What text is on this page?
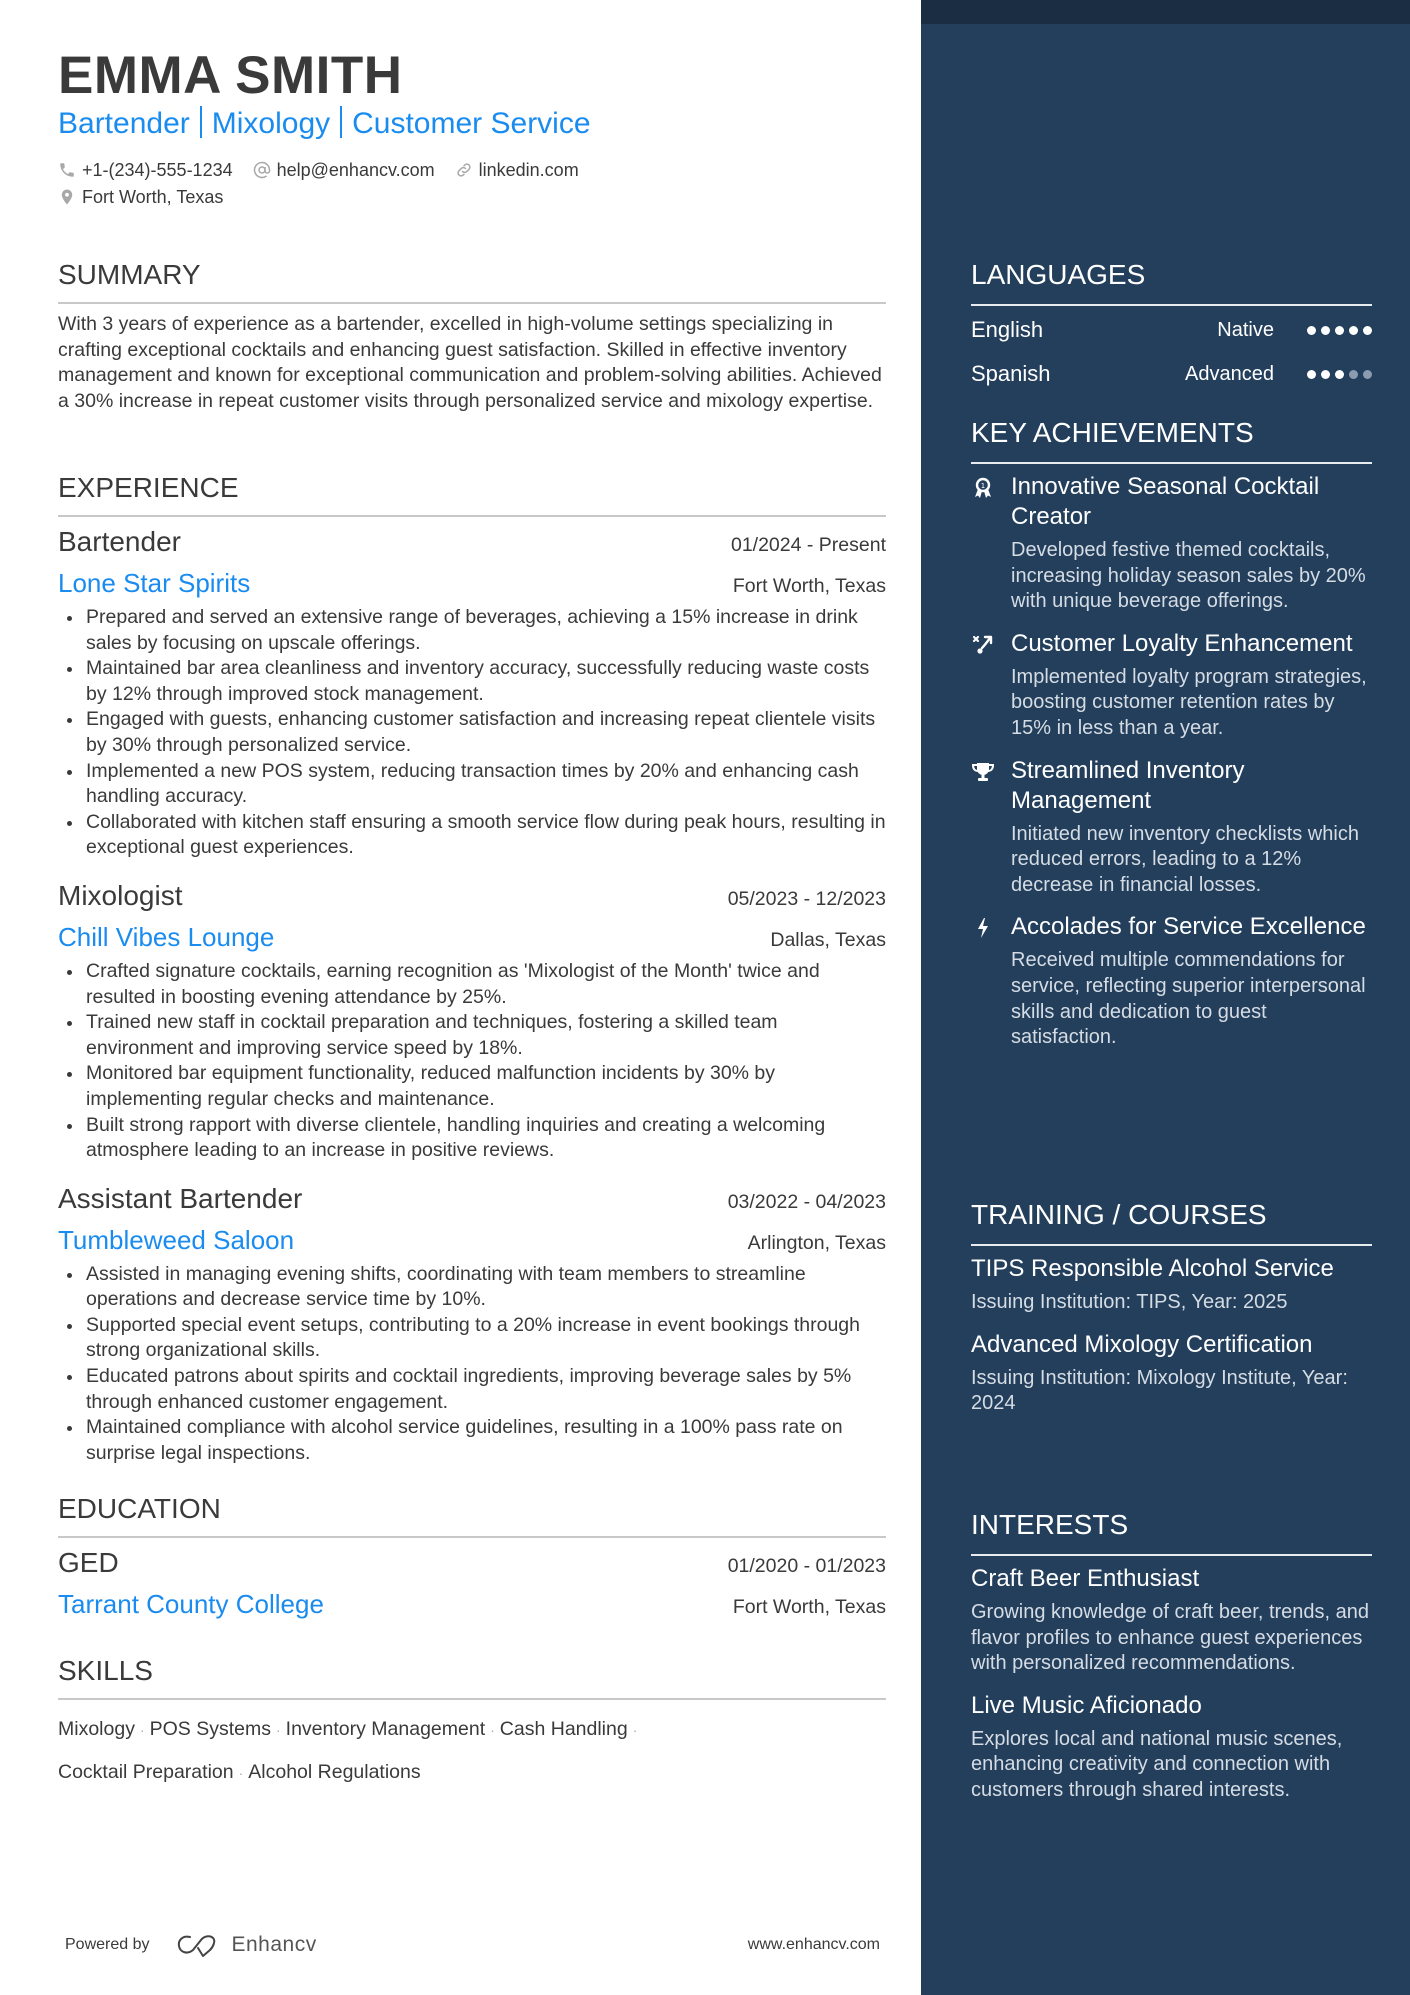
EMMA SMITH
Bartender Mixology Customer Service
+1-(234)-555-1234 help@enhancv.com linkedin.com
Fort Worth, Texas
SUMMARY

With 3 years of experience as a bartender, excelled in high-volume settings specializing in crafting exceptional cocktails and enhancing guest satisfaction. Skilled in effective inventory management and known for exceptional communication and problem-solving abilities. Achieved a 30% increase in repeat customer visits through personalized service and mixology expertise.

EXPERIENCE
Bartender	01/2024 - Present
Lone Star Spirits	Fort Worth, Texas
Prepared and served an extensive range of beverages, achieving a 15% increase in drink sales by focusing on upscale offerings.
Maintained bar area cleanliness and inventory accuracy, successfully reducing waste costs by 12% through improved stock management.
Engaged with guests, enhancing customer satisfaction and increasing repeat clientele visits by 30% through personalized service.
Implemented a new POS system, reducing transaction times by 20% and enhancing cash handling accuracy.
Collaborated with kitchen staff ensuring a smooth service flow during peak hours, resulting in exceptional guest experiences.
Mixologist	05/2023 - 12/2023
Chill Vibes Lounge	Dallas, Texas
Crafted signature cocktails, earning recognition as 'Mixologist of the Month' twice and resulted in boosting evening attendance by 25%.
Trained new staff in cocktail preparation and techniques, fostering a skilled team environment and improving service speed by 18%.
Monitored bar equipment functionality, reduced malfunction incidents by 30% by implementing regular checks and maintenance.
Built strong rapport with diverse clientele, handling inquiries and creating a welcoming atmosphere leading to an increase in positive reviews.
Assistant Bartender	03/2022 - 04/2023
Tumbleweed Saloon	Arlington, Texas
Assisted in managing evening shifts, coordinating with team members to streamline operations and decrease service time by 10%.
Supported special event setups, contributing to a 20% increase in event bookings through strong organizational skills.
Educated patrons about spirits and cocktail ingredients, improving beverage sales by 5% through enhanced customer engagement.
Maintained compliance with alcohol service guidelines, resulting in a 100% pass rate on surprise legal inspections.
EDUCATION
GED	01/2020 - 01/2023
Tarrant County College	Fort Worth, Texas
SKILLS
Mixology · POS Systems · Inventory Management · Cash Handling ·
Cocktail Preparation · Alcohol Regulations
Powered by	Enhancv	www.enhancv.com
LANGUAGES
English	Native
Spanish	Advanced
KEY ACHIEVEMENTS
1 Innovative Seasonal Cocktail Creator
Developed festive themed cocktails, increasing holiday season sales by 20% with unique beverage offerings.
Customer Loyalty Enhancement
Implemented loyalty program strategies, boosting customer retention rates by 15% in less than a year.
Streamlined Inventory Management
Initiated new inventory checklists which reduced errors, leading to a 12% decrease in financial losses.
Accolades for Service Excellence
Received multiple commendations for service, reflecting superior interpersonal skills and dedication to guest satisfaction.
TRAINING / COURSES
TIPS Responsible Alcohol Service
Issuing Institution: TIPS, Year: 2025
Advanced Mixology Certification
Issuing Institution: Mixology Institute, Year: 2024
INTERESTS
Craft Beer Enthusiast
Growing knowledge of craft beer, trends, and flavor profiles to enhance guest experiences with personalized recommendations.
Live Music Aficionado
Explores local and national music scenes, enhancing creativity and connection with customers through shared interests.
